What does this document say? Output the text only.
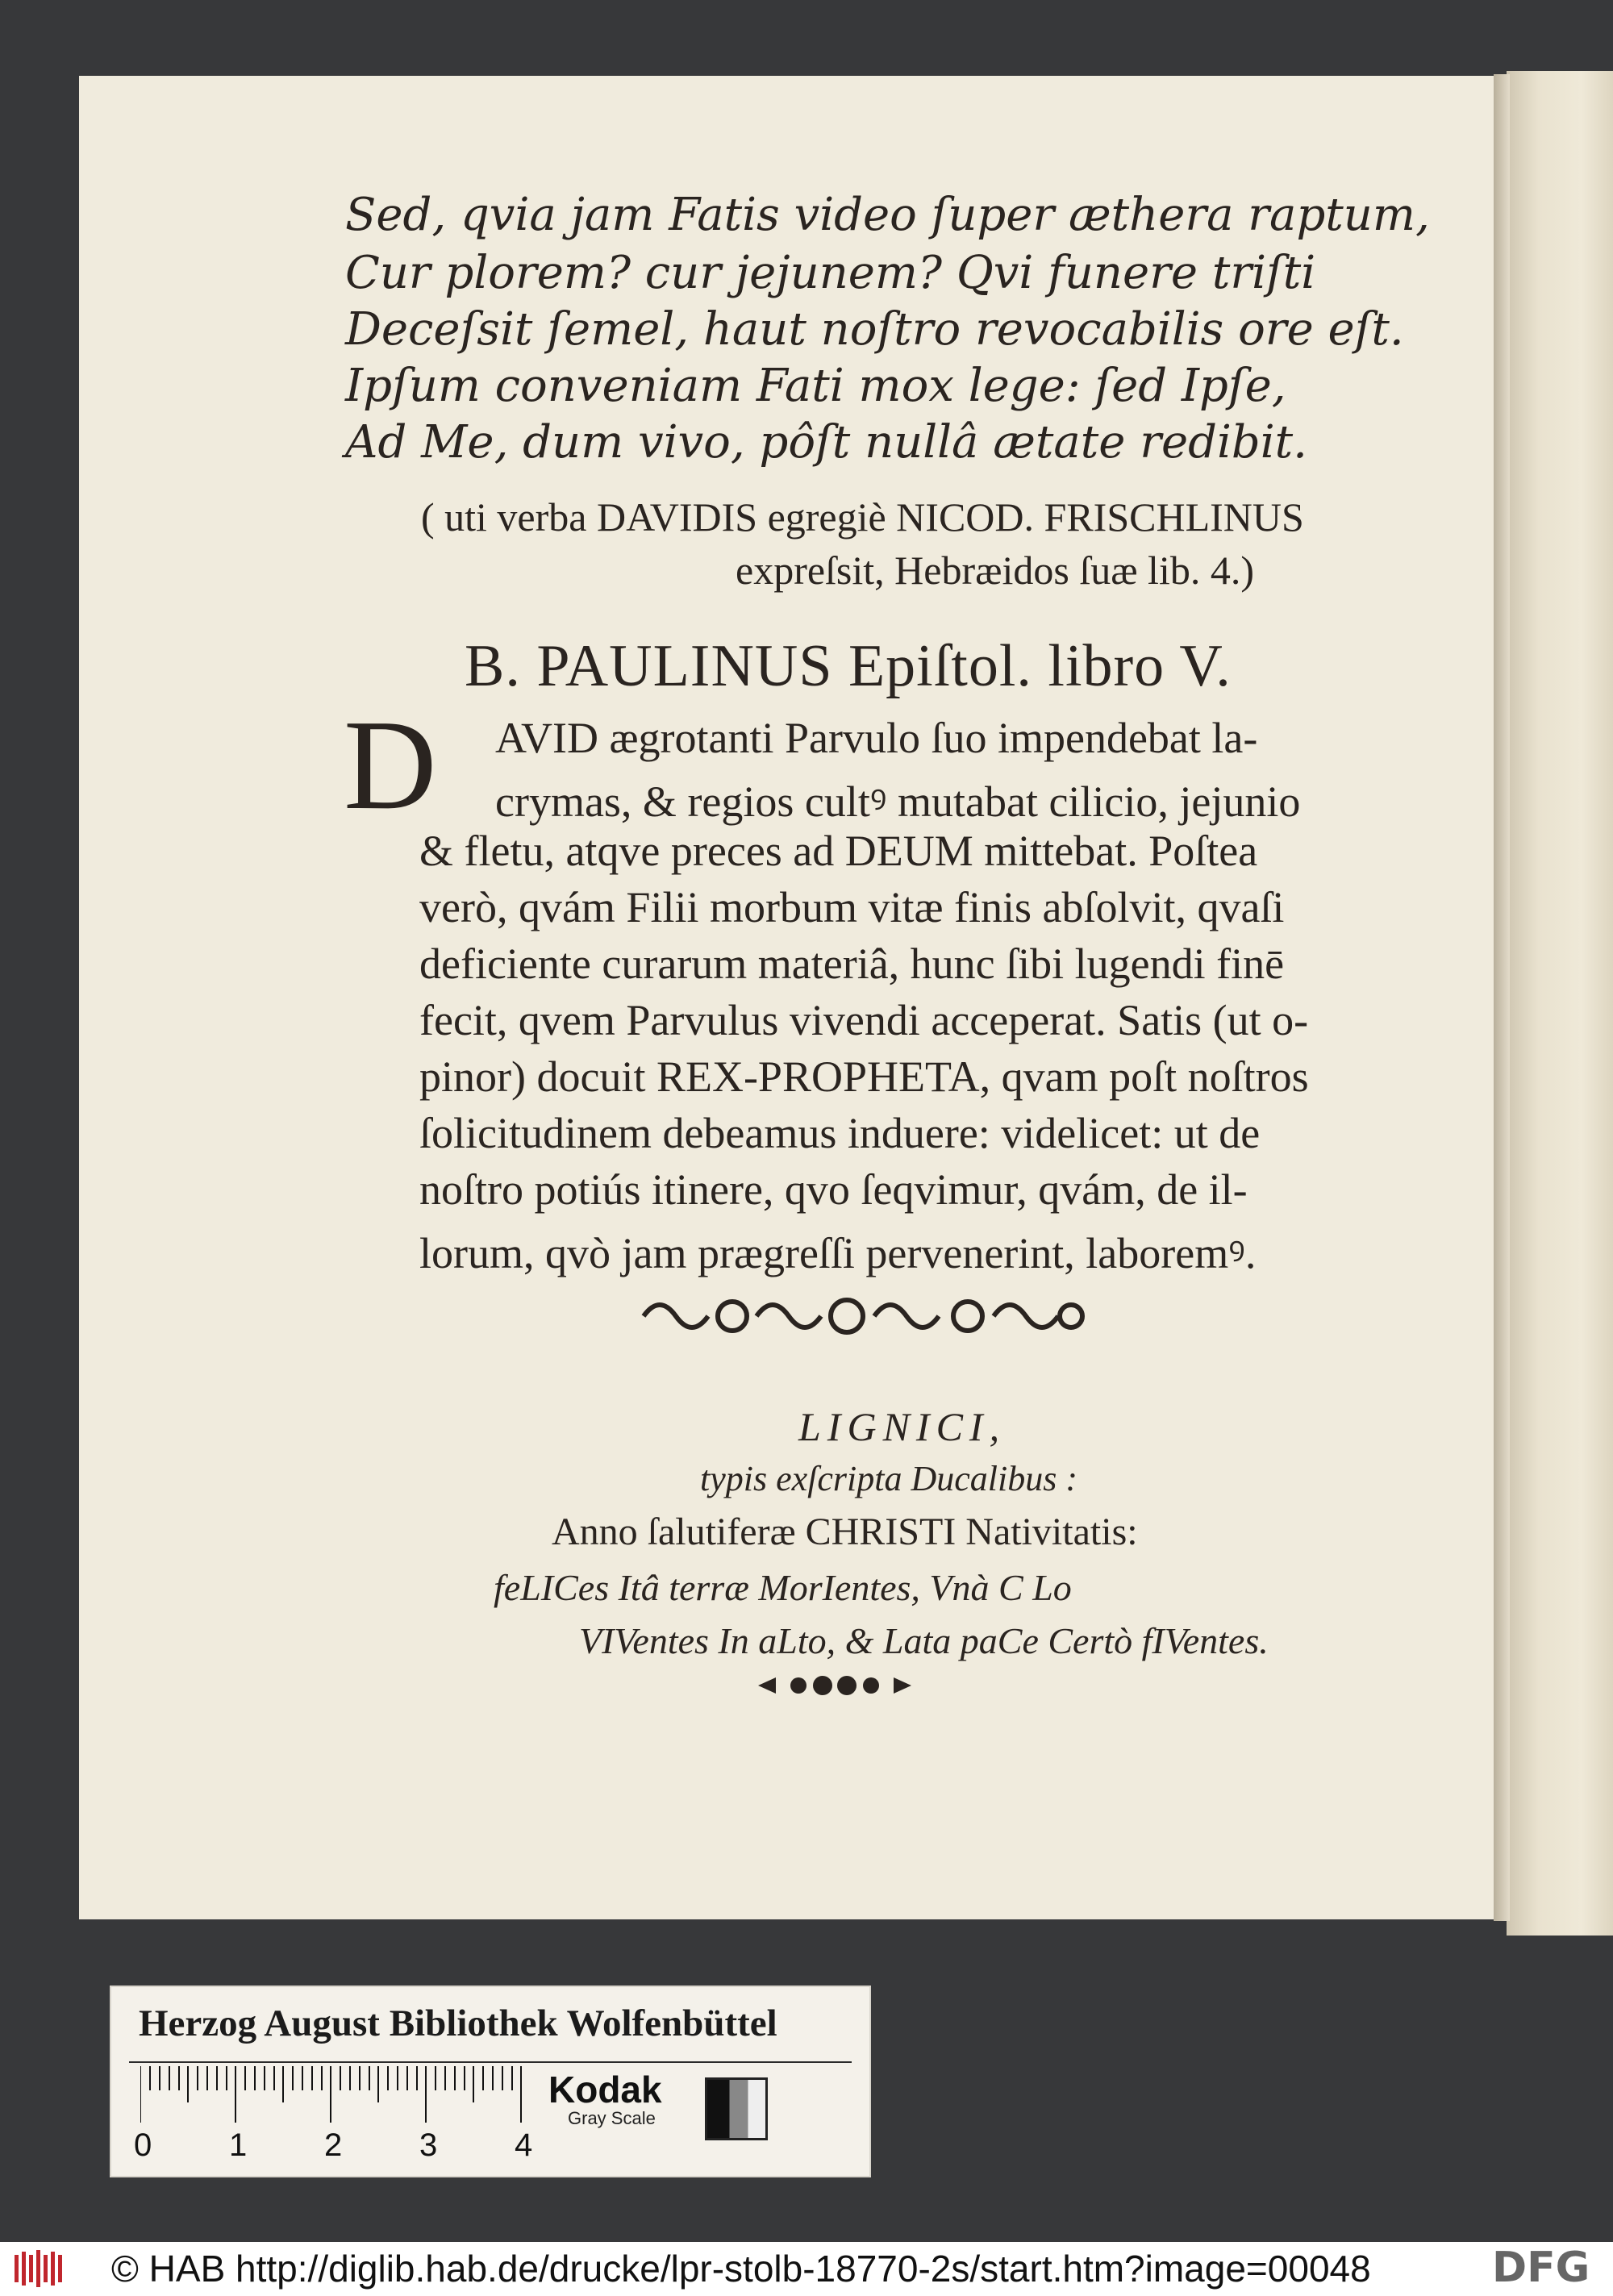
Sed, qvia jam Fatis video ſuper æthera raptum,
Cur plorem? cur jejunem? Qvi funere triſti
Deceſsit ſemel, haut noſtro revocabilis ore eſt.
Ipſum conveniam Fati mox lege: ſed Ipſe,
Ad Me, dum vivo, pôſt nullâ ætate redibit.
( uti verba DAVIDIS egregiè NICOD. FRISCHLINUS
expreſsit, Hebræidos ſuæ lib. 4.)
B. PAULINUS Epiſtol. libro V.
D AVID ægrotanti Parvulo ſuo impendebat la-
crymas, & regios cultꝰ mutabat cilicio, jejunio
& fletu, atqve preces ad DEUM mittebat. Poſtea
verò, qvám Filii morbum vitæ finis abſolvit, qvaſi
deficiente curarum materiâ, hunc ſibi lugendi finē
fecit, qvem Parvulus vivendi acceperat. Satis (ut o-
pinor) docuit REX-PROPHETA, qvam poſt noſtros
ſolicitudinem debeamus induere: videlicet: ut de
noſtro potiús itinere, qvo ſeqvimur, qvám, de il-
lorum, qvò jam prægreſſi pervenerint, laboremꝰ.
LIGNICI,
typis exſcripta Ducalibus :
Anno ſalutiferæ CHRISTI Nativitatis:
feLICes Itâ terræ MorIentes, Vnà C Lo
VIVentes In aLto, & Lata paCe Certò fIVentes.
Herzog August Bibliothek Wolfenbüttel
0 1 2 3 4
Kodak
Gray Scale
© HAB http://diglib.hab.de/drucke/lpr-stolb-18770-2s/start.htm?image=00048	DFG
